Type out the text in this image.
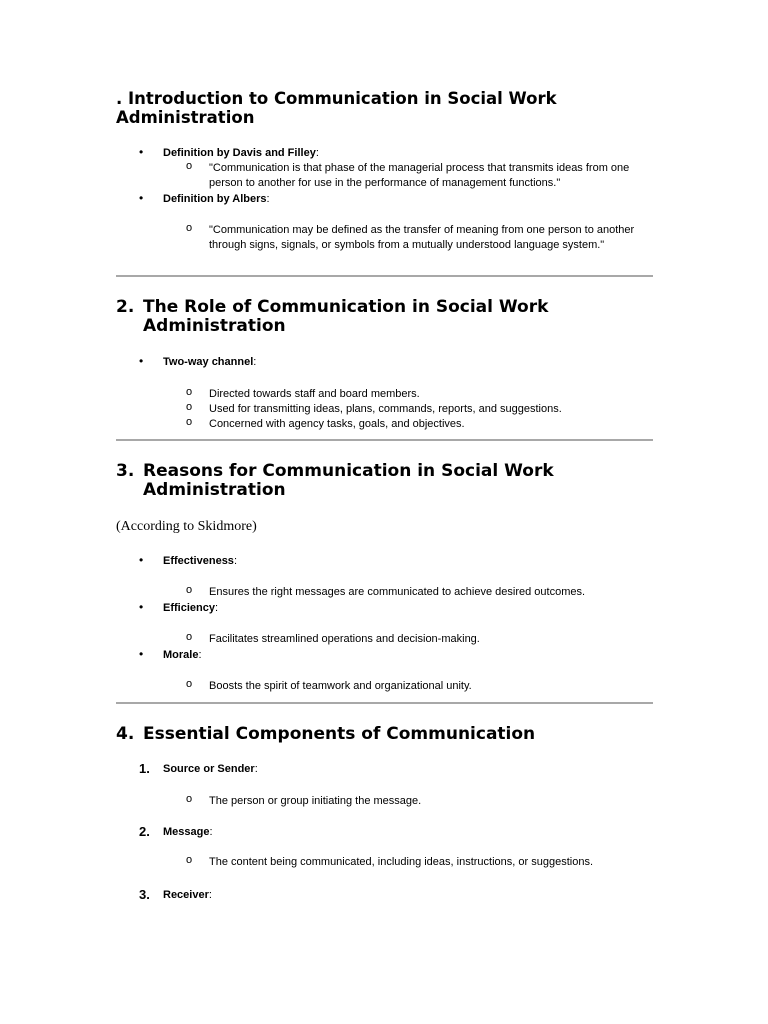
. Introduction to Communication in Social Work
Administration
• Definition by Davis and Filley:
o "Communication is that phase of the managerial process that transmits ideas from one person to another for use in the performance of management functions."
• Definition by Albers:
o "Communication may be defined as the transfer of meaning from one person to another through signs, signals, or symbols from a mutually understood language system."
2. The Role of Communication in Social Work
Administration
• Two-way channel:
o Directed towards staff and board members.
o Used for transmitting ideas, plans, commands, reports, and suggestions.
o Concerned with agency tasks, goals, and objectives.
3. Reasons for Communication in Social Work
Administration
(According to Skidmore)
• Effectiveness:
o Ensures the right messages are communicated to achieve desired outcomes.
• Efficiency:
o Facilitates streamlined operations and decision-making.
• Morale:
o Boosts the spirit of teamwork and organizational unity.
4. Essential Components of Communication
1. Source or Sender:
o The person or group initiating the message.
2. Message:
o The content being communicated, including ideas, instructions, or suggestions.
3. Receiver:
